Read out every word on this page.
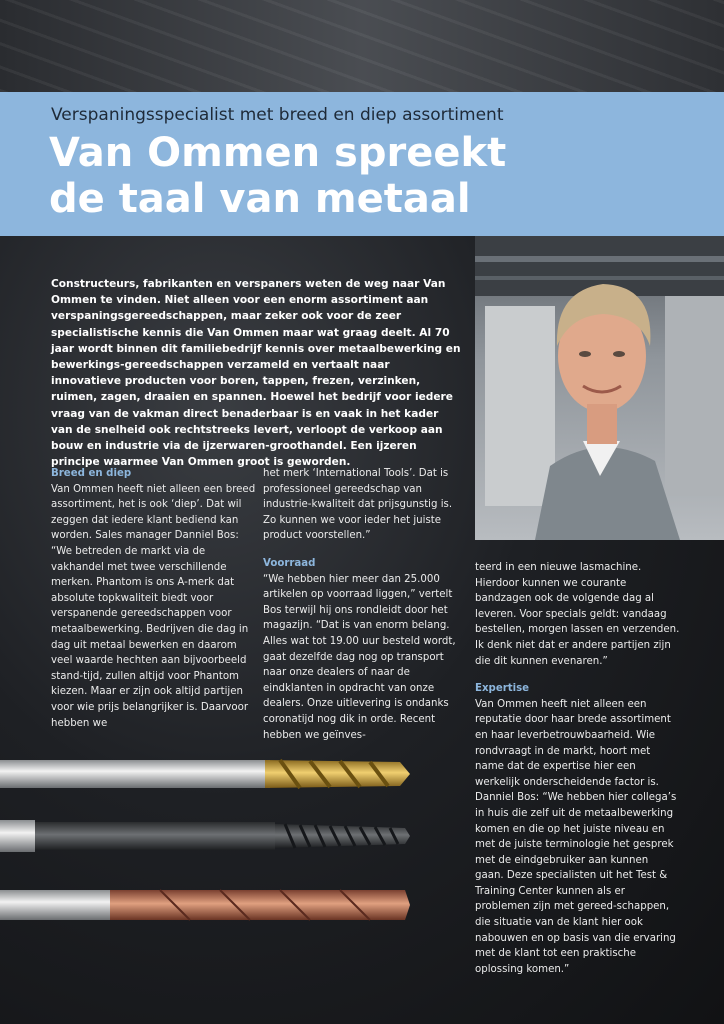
Verspaningsspecialist met breed en diep assortiment
Van Ommen spreekt
de taal van metaal
Constructeurs, fabrikanten en verspaners weten de weg naar Van Ommen te vinden. Niet alleen voor een enorm assortiment aan verspaningsgereedschappen, maar zeker ook voor de zeer specialistische kennis die Van Ommen maar wat graag deelt. Al 70 jaar wordt binnen dit familiebedrijf kennis over metaalbewerking en bewerkings-gereedschappen verzameld en vertaalt naar innovatieve producten voor boren, tappen, frezen, verzinken, ruimen, zagen, draaien en spannen. Hoewel het bedrijf voor iedere vraag van de vakman direct benaderbaar is en vaak in het kader van de snelheid ook rechtstreeks levert, verloopt de verkoop aan bouw en industrie via de ijzerwaren-groothandel. Een ijzeren principe waarmee Van Ommen groot is geworden.

Breed en diep

Van Ommen heeft niet alleen een breed assortiment, het is ook ‘diep’. Dat wil zeggen dat iedere klant bediend kan worden. Sales manager Danniel Bos: “We betreden de markt via de vakhandel met twee verschillende merken. Phantom is ons A-merk dat absolute topkwaliteit biedt voor verspanende gereedschappen voor metaalbewerking. Bedrijven die dag in dag uit metaal bewerken en daarom veel waarde hechten aan bijvoorbeeld stand-tijd, zullen altijd voor Phantom kiezen. Maar er zijn ook altijd partijen voor wie prijs belangrijker is. Daarvoor hebben we

het merk ‘International Tools’. Dat is professioneel gereedschap van industrie-kwaliteit dat prijsgunstig is. Zo kunnen we voor ieder het juiste product voorstellen.”

Voorraad

“We hebben hier meer dan 25.000 artikelen op voorraad liggen,” vertelt Bos terwijl hij ons rondleidt door het magazijn. “Dat is van enorm belang. Alles wat tot 19.00 uur besteld wordt, gaat dezelfde dag nog op transport naar onze dealers of naar de eindklanten in opdracht van onze dealers. Onze uitlevering is ondanks coronatijd nog dik in orde. Recent hebben we geïnves-

teerd in een nieuwe lasmachine. Hierdoor kunnen we courante bandzagen ook de volgende dag al leveren. Voor specials geldt: vandaag bestellen, morgen lassen en verzenden. Ik denk niet dat er andere partijen zijn die dit kunnen evenaren.”

Expertise

Van Ommen heeft niet alleen een reputatie door haar brede assortiment en haar leverbetrouwbaarheid. Wie rondvraagt in de markt, hoort met name dat de expertise hier een werkelijk onderscheidende factor is. Danniel Bos: “We hebben hier collega’s in huis die zelf uit de metaalbewerking komen en die op het juiste niveau en met de juiste terminologie het gesprek met de eindgebruiker aan kunnen gaan. Deze specialisten uit het Test & Training Center kunnen als er problemen zijn met gereed-schappen, die situatie van de klant hier ook nabouwen en op basis van die ervaring met de klant tot een praktische oplossing komen.”
